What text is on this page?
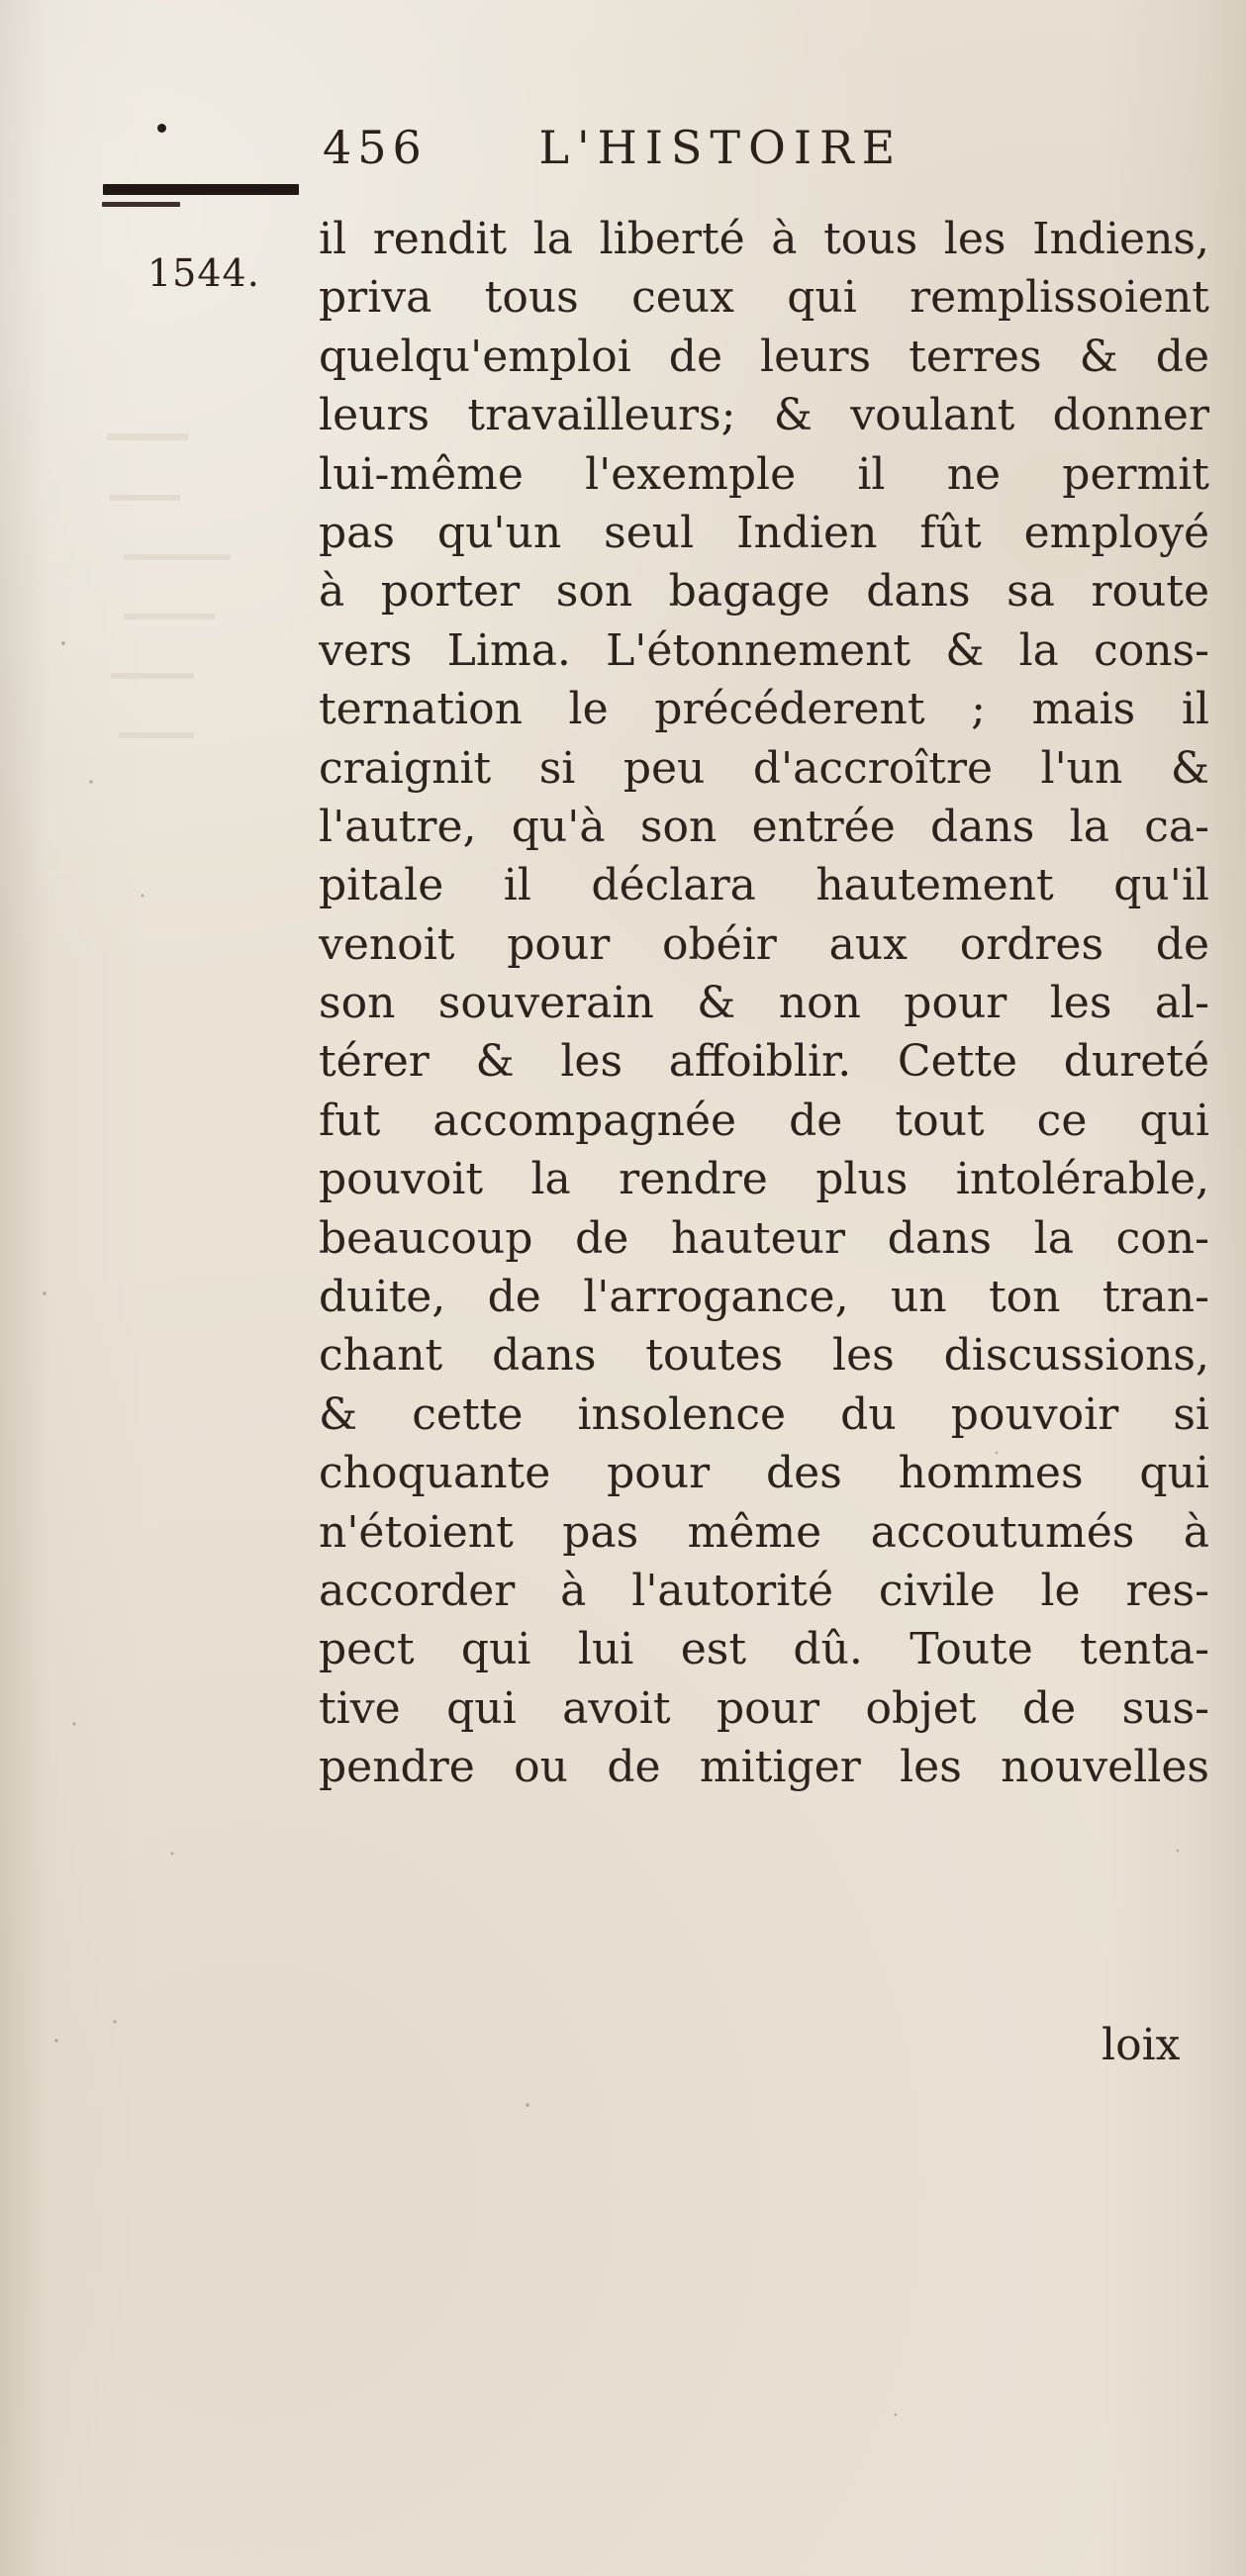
456 L'HISTOIRE
1544.
il rendit la liberté à tous les Indiens,
priva tous ceux qui remplissoient
quelqu'emploi de leurs terres & de
leurs travailleurs; & voulant donner
lui-même l'exemple il ne permit
pas qu'un seul Indien fût employé
à porter son bagage dans sa route
vers Lima. L'étonnement & la cons-
ternation le précéderent ; mais il
craignit si peu d'accroître l'un &
l'autre, qu'à son entrée dans la ca-
pitale il déclara hautement qu'il
venoit pour obéir aux ordres de
son souverain & non pour les al-
térer & les affoiblir. Cette dureté
fut accompagnée de tout ce qui
pouvoit la rendre plus intolérable,
beaucoup de hauteur dans la con-
duite, de l'arrogance, un ton tran-
chant dans toutes les discussions,
& cette insolence du pouvoir si
choquante pour des hommes qui
n'étoient pas même accoutumés à
accorder à l'autorité civile le res-
pect qui lui est dû. Toute tenta-
tive qui avoit pour objet de sus-
pendre ou de mitiger les nouvelles
loix
